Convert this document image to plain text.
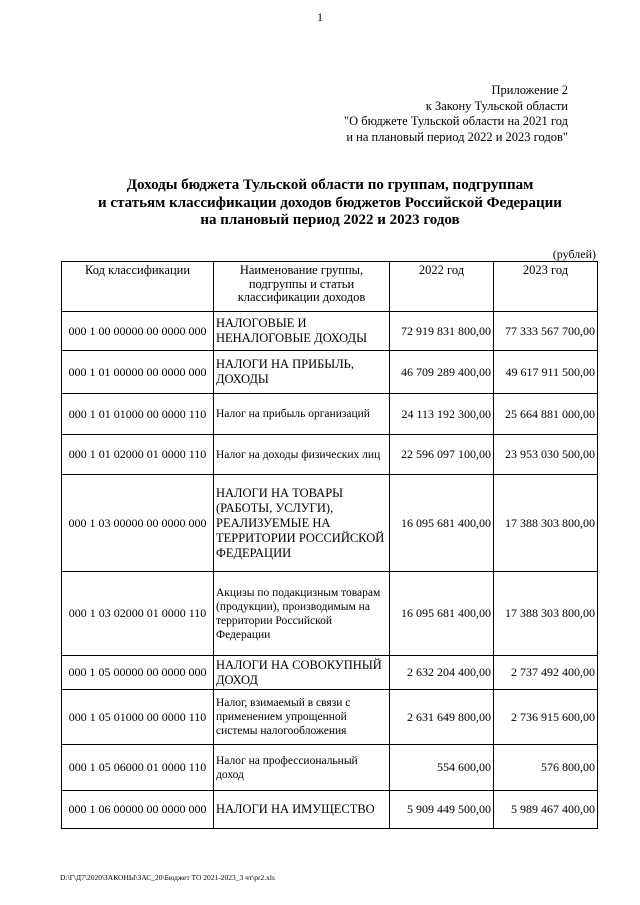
1
Приложение 2
к Закону Тульской области
"О бюджете Тульской области на 2021 год
и на плановый период 2022 и 2023 годов"
Доходы бюджета Тульской области по группам, подгруппам
и статьям классификации доходов бюджетов Российской Федерации
на плановый период 2022 и 2023 годов
(рублей)
Код классификации	Наименование группы, подгруппы и статьи классификации доходов	2022 год	2023 год
000 1 00 00000 00 0000 000	НАЛОГОВЫЕ И НЕНАЛОГОВЫЕ ДОХОДЫ	72 919 831 800,00	77 333 567 700,00
000 1 01 00000 00 0000 000	НАЛОГИ НА ПРИБЫЛЬ, ДОХОДЫ	46 709 289 400,00	49 617 911 500,00
000 1 01 01000 00 0000 110	Налог на прибыль организаций	24 113 192 300,00	25 664 881 000,00
000 1 01 02000 01 0000 110	Налог на доходы физических лиц	22 596 097 100,00	23 953 030 500,00
000 1 03 00000 00 0000 000	НАЛОГИ НА ТОВАРЫ (РАБОТЫ, УСЛУГИ), РЕАЛИЗУЕМЫЕ НА ТЕРРИТОРИИ РОССИЙСКОЙ ФЕДЕРАЦИИ	16 095 681 400,00	17 388 303 800,00
000 1 03 02000 01 0000 110	Акцизы по подакцизным товарам (продукции), производимым на территории Российской Федерации	16 095 681 400,00	17 388 303 800,00
000 1 05 00000 00 0000 000	НАЛОГИ НА СОВОКУПНЫЙ ДОХОД	2 632 204 400,00	2 737 492 400,00
000 1 05 01000 00 0000 110	Налог, взимаемый в связи с применением упрощенной системы налогообложения	2 631 649 800,00	2 736 915 600,00
000 1 05 06000 01 0000 110	Налог на профессиональный доход	554 600,00	576 800,00
000 1 06 00000 00 0000 000	НАЛОГИ НА ИМУЩЕСТВО	5 909 449 500,00	5 989 467 400,00
D:\Г\Д7\2020\ЗАКОНЫ\ЗАС_20\Бюджет ТО 2021-2023_3 чт\pr2.xls
